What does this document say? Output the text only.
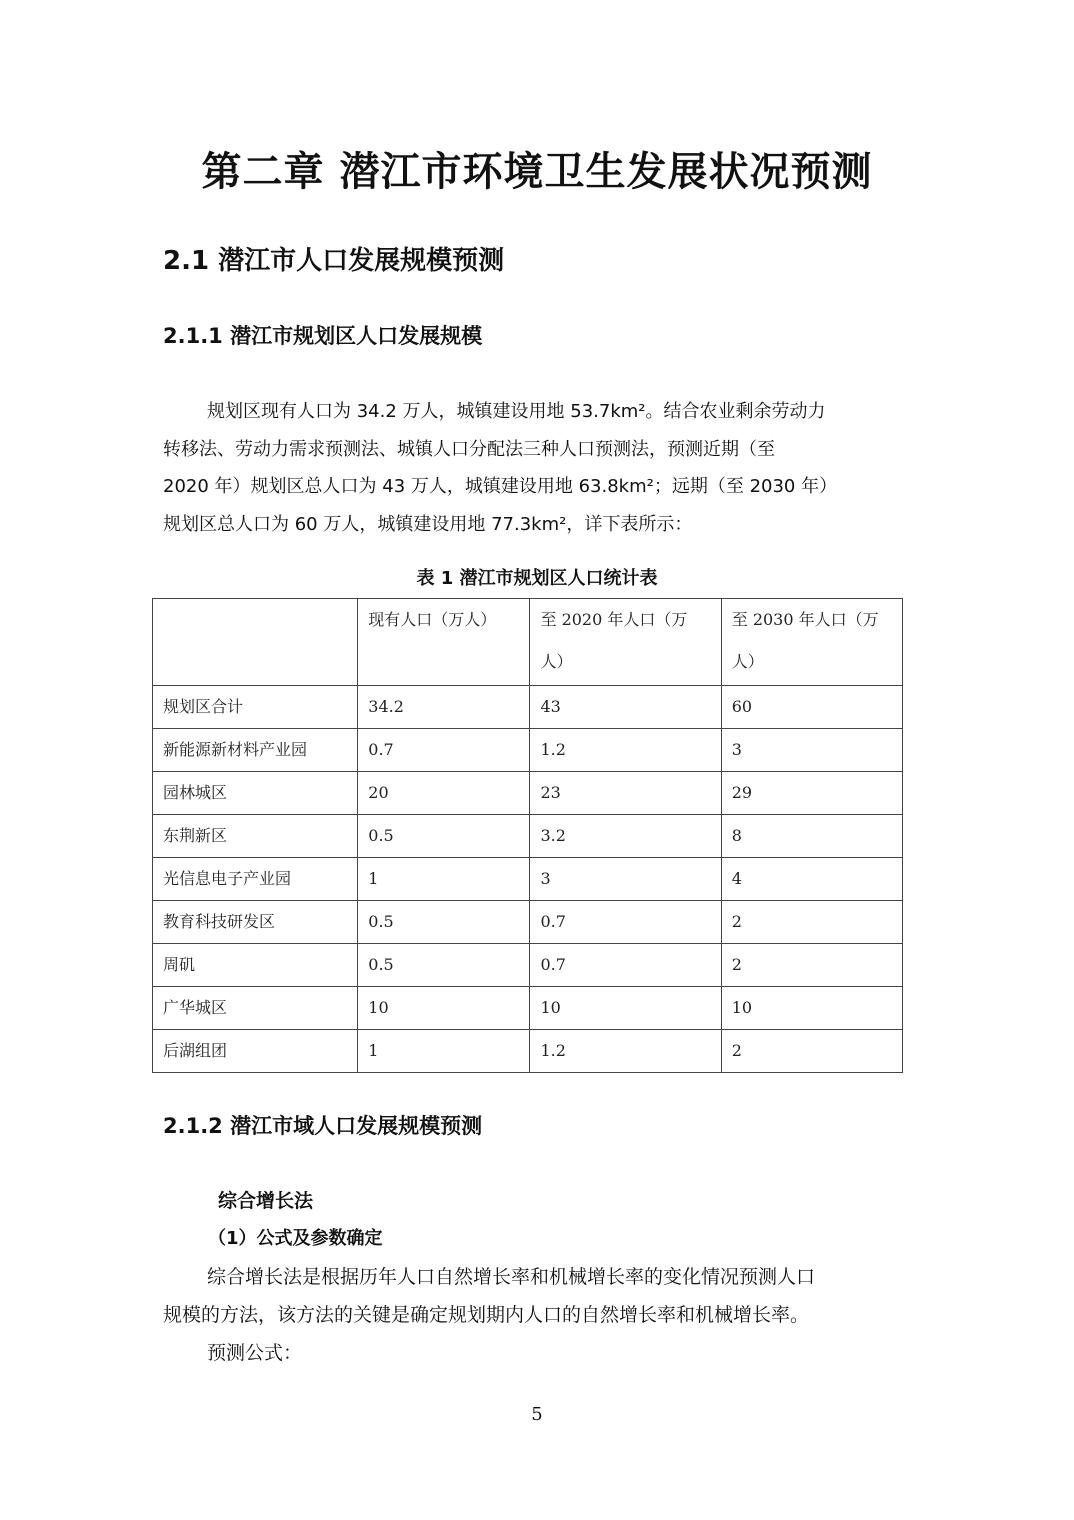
第二章 潜江市环境卫生发展状况预测
2.1 潜江市人口发展规模预测
2.1.1 潜江市规划区人口发展规模
规划区现有人口为 34.2 万人，城镇建设用地 53.7km²。结合农业剩余劳动力
转移法、劳动力需求预测法、城镇人口分配法三种人口预测法，预测近期（至
2020 年）规划区总人口为 43 万人，城镇建设用地 63.8km²；远期（至 2030 年）
规划区总人口为 60 万人，城镇建设用地 77.3km²，详下表所示：
表 1 潜江市规划区人口统计表
	现有人口（万人）	至 2020 年人口（万人）	至 2030 年人口（万人）
规划区合计	34.2	43	60
新能源新材料产业园	0.7	1.2	3
园林城区	20	23	29
东荆新区	0.5	3.2	8
光信息电子产业园	1	3	4
教育科技研发区	0.5	0.7	2
周矶	0.5	0.7	2
广华城区	10	10	10
后湖组团	1	1.2	2
2.1.2 潜江市域人口发展规模预测
综合增长法
（1）公式及参数确定
综合增长法是根据历年人口自然增长率和机械增长率的变化情况预测人口
规模的方法，该方法的关键是确定规划期内人口的自然增长率和机械增长率。
预测公式：
5
